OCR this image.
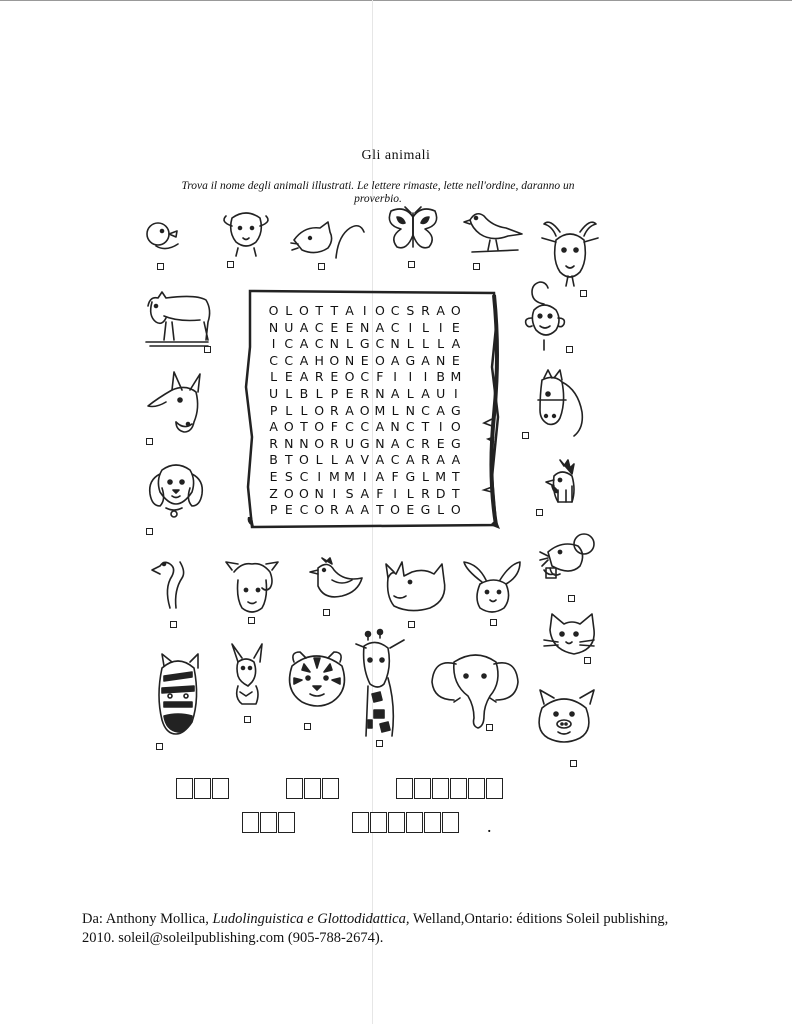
Gli animali
Trova il nome degli animali illustrati. Le lettere rimaste, lette nell'ordine, daranno un proverbio.
O L O T T A I O C S R A O
N U A C E E N A C I L I E
I C A C N L G C N L L L A
C C A H O N E O A G A N E
L E A R E O C F I I I B M
U L B L P E R N A L A U I
P L L O R A O M L N C A G
A O T O F C C A N C T I O
R N N O R U G N A C R E G
B T O L L A V A C A R A A
E S C I M M I A F G L M T
Z O O N I S A F I L R D T
P E C O R A A T O E G L O
.
Da: Anthony Mollica, Ludolinguistica e Glottodidattica, Welland,Ontario: éditions Soleil publishing,
2010. soleil@soleilpublishing.com (905-788-2674).
